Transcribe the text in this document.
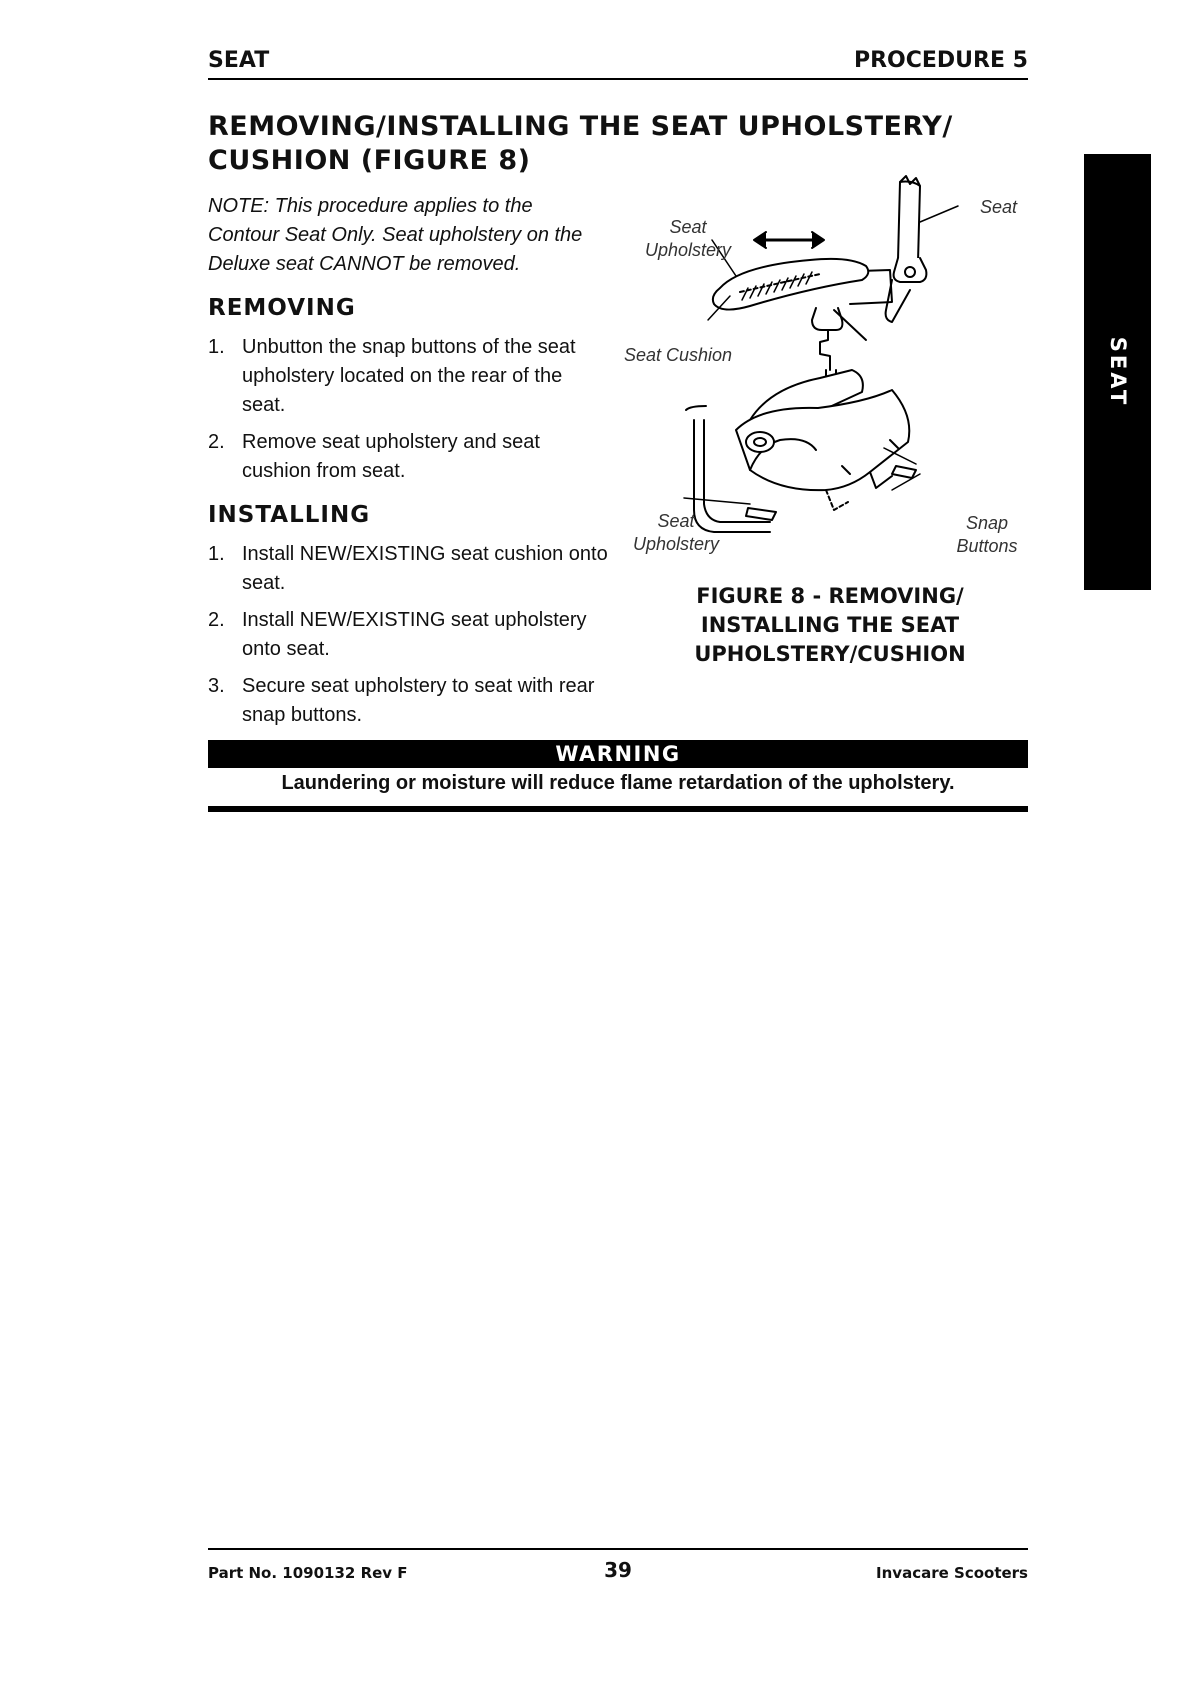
SEAT	PROCEDURE 5
REMOVING/INSTALLING THE SEAT UPHOLSTERY/
CUSHION (FIGURE 8)

NOTE: This procedure applies to the Contour Seat Only. Seat upholstery on the Deluxe seat CANNOT be removed.

REMOVING
1. Unbutton the snap buttons of the seat upholstery located on the rear of the seat.
2. Remove seat upholstery and seat cushion from seat.
INSTALLING
1. Install NEW/EXISTING seat cushion onto seat.
2. Install NEW/EXISTING seat upholstery onto seat.
3. Secure seat upholstery to seat with rear snap buttons.
Seat
Seat
Upholstery
Seat Cushion
Seat
Upholstery
Snap
Buttons
FIGURE 8 - REMOVING/
INSTALLING THE SEAT
UPHOLSTERY/CUSHION
WARNING
Laundering or moisture will reduce flame retardation of the upholstery.
SEAT
Part No. 1090132 Rev F	39	Invacare Scooters
